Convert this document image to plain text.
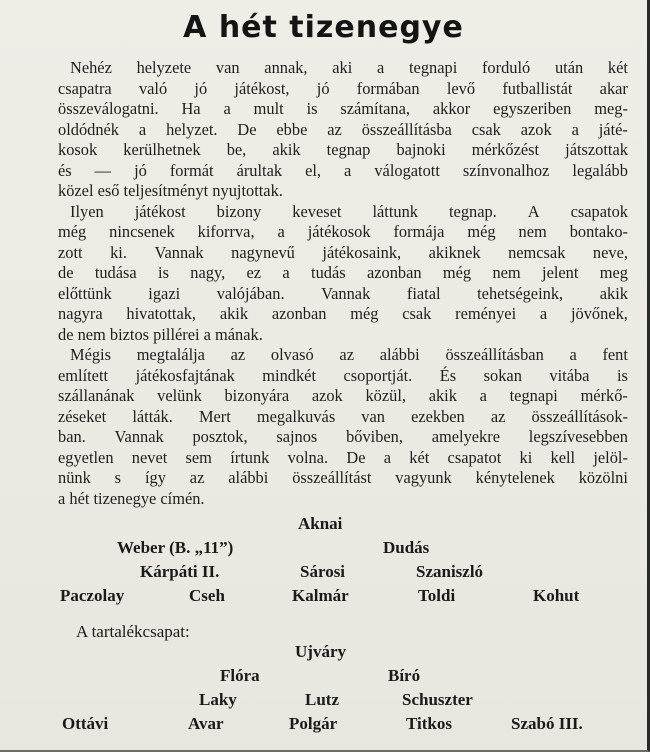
A hét tizenegye
Nehéz helyzete van annak, aki a tegnapi forduló után két
csapatra való jó játékost, jó formában levő futballistát akar
összeválogatni. Ha a mult is számítana, akkor egyszeriben meg-
oldódnék a helyzet. De ebbe az összeállításba csak azok a játé-
kosok kerülhetnek be, akik tegnap bajnoki mérkőzést játszottak
és — jó formát árultak el, a válogatott színvonalhoz legalább
közel eső teljesítményt nyujtottak.
Ilyen játékost bizony keveset láttunk tegnap. A csapatok
még nincsenek kiforrva, a játékosok formája még nem bontako-
zott ki. Vannak nagynevű játékosaink, akiknek nemcsak neve,
de tudása is nagy, ez a tudás azonban még nem jelent meg
előttünk igazi valójában. Vannak fiatal tehetségeink, akik
nagyra hivatottak, akik azonban még csak reményei a jövőnek,
de nem biztos pillérei a mának.
Mégis megtalálja az olvasó az alábbi összeállításban a fent
említett játékosfajtának mindkét csoportját. És sokan vitába is
szállanának velünk bizonyára azok közül, akik a tegnapi mérkő-
zéseket látták. Mert megalkuvás van ezekben az összeállítások-
ban. Vannak posztok, sajnos bőviben, amelyekre legszívesebben
egyetlen nevet sem írtunk volna. De a két csapatot ki kell jelöl-
nünk s így az alábbi összeállítást vagyunk kénytelenek közölni
a hét tizenegye címén.
Aknai
Weber (B. „11”)	Dudás
Kárpáti II.	Sárosi	Szaniszló
Paczolay	Cseh	Kalmár	Toldi	Kohut
A tartalékcsapat:
Ujváry
Flóra	Bíró
Laky	Lutz	Schuszter
Ottávi	Avar	Polgár	Titkos	Szabó III.
